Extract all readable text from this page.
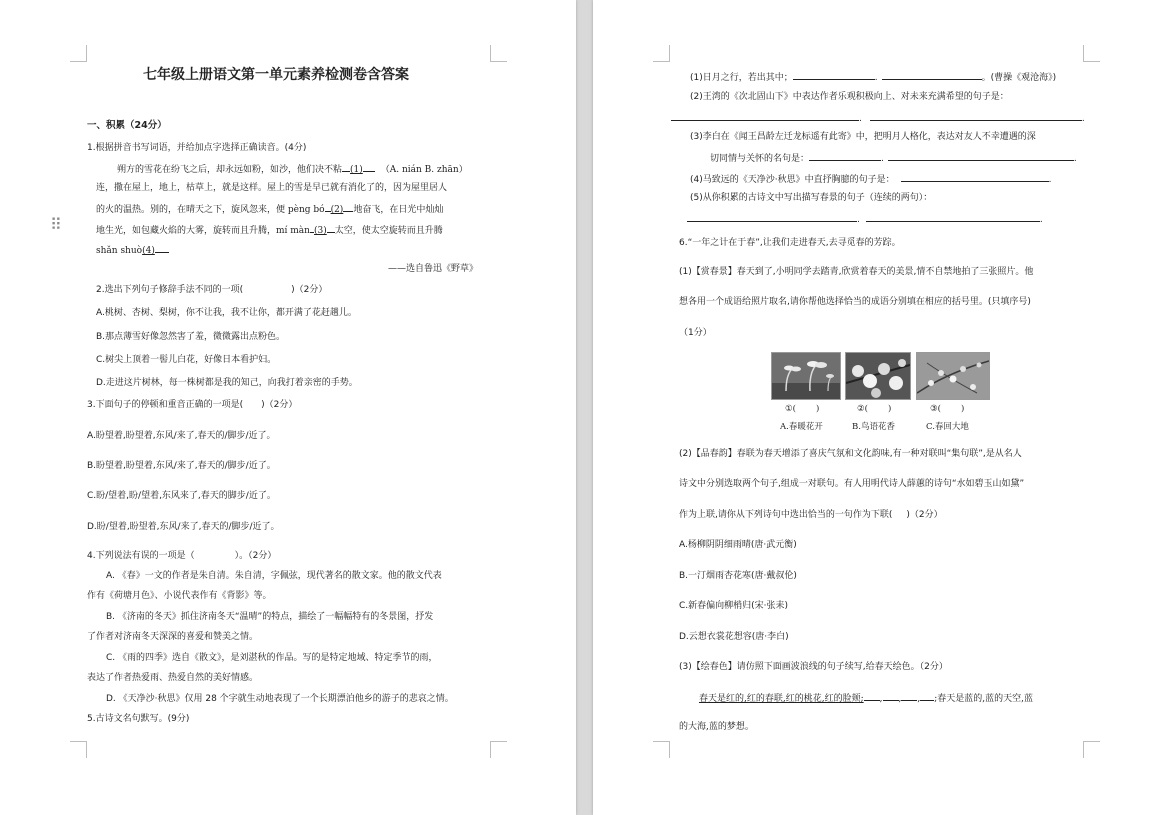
⠿
七年级上册语文第一单元素养检测卷含答案
一、积累（24分）
1.根据拼音书写词语，并给加点字选择正确读音。(4分)
朔方的雪花在纷飞之后，却永远如粉，如沙，他们决不粘 (1) （A. nián B. zhān）
连，撒在屋上，地上，枯草上，就是这样。屋上的雪是早已就有消化了的，因为屋里居人
的火的温热。别的，在晴天之下，旋风忽来，便 pèng bó (2) 地奋飞，在日光中灿灿
地生光，如包藏火焰的大雾，旋转而且升腾，mí màn (3) 太空，使太空旋转而且升腾
shǎn shuò(4)
——选自鲁迅《野草》
2.选出下列句子修辞手法不同的一项(	)（2分）
A.桃树、杏树、梨树，你不让我，我不让你，都开满了花赶趟儿。
B.那点薄雪好像忽然害了羞，微微露出点粉色。
C.树尖上顶着一髻儿白花，好像日本看护妇。
D.走进这片树林，每一株树都是我的知己，向我打着亲密的手势。
3.下面句子的停顿和重音正确的一项是( )（2分）
A.盼望着,盼望着,东风/来了,春天的/脚步/近了。
B.盼望着,盼望着,东风/来了,春天的/脚步/近了。
C.盼/望着,盼/望着,东风来了,春天的脚步/近了。
D.盼/望着,盼望着,东风/来了,春天的/脚步/近了。
4.下列说法有误的一项是（	）。（2分）
A. 《春》一文的作者是朱自清。朱自清，字佩弦，现代著名的散文家。他的散文代表
作有《荷塘月色》、小说代表作有《背影》等。
B. 《济南的冬天》抓住济南冬天“温晴”的特点，描绘了一幅幅特有的冬景图，抒发
了作者对济南冬天深深的喜爱和赞美之情。
C. 《雨的四季》选自《散文》，是刘湛秋的作品。写的是特定地域、特定季节的雨，
表达了作者热爱雨、热爱自然的美好情感。
D. 《天净沙·秋思》仅用 28 个字就生动地表现了一个长期漂泊他乡的游子的悲哀之情。
5.古诗文名句默写。(9分)
(1)日月之行，若出其中；	.	。(曹操《观沧海》)
(2)王湾的《次北固山下》中表达作者乐观积极向上、对未来充满希望的句子是：
.	.
(3)李白在《闻王昌龄左迁龙标遥有此寄》中，把明月人格化，表达对友人不幸遭遇的深
切同情与关怀的名句是：	.	.
(4)马致远的《天净沙·秋思》中直抒胸臆的句子是：	.
(5)从你积累的古诗文中写出描写春景的句子（连续的两句）：
.	.
6.“一年之计在于春”,让我们走进春天,去寻觅春的芳踪。
(1)【赏春景】春天到了,小明同学去踏青,欣赏着春天的美景,情不自禁地拍了三张照片。他
想各用一个成语给照片取名,请你帮他选择恰当的成语分别填在相应的括号里。(只填序号)
（1分）
①( )	②( )	③( )
A.春暖花开	B.鸟语花香	C.春回大地
(2)【品春韵】春联为春天增添了喜庆气氛和文化韵味,有一种对联叫“集句联”,是从名人
诗文中分别选取两个句子,组成一对联句。有人用明代诗人薛蕙的诗句“水如碧玉山如黛”
作为上联,请你从下列诗句中选出恰当的一句作为下联( )（2分）
A.杨柳阴阴细雨晴(唐·武元衡)
B.一汀烟雨杏花寒(唐·戴叔伦)
C.新春偏向柳梢归(宋·张耒)
D.云想衣裳花想容(唐·李白)
(3)【绘春色】请仿照下面画波浪线的句子续写,给春天绘色。（2分）
春天是红的,红的春联,红的桃花,红的脸颊; , , , ;春天是蓝的,蓝的天空,蓝
的大海,蓝的梦想。
